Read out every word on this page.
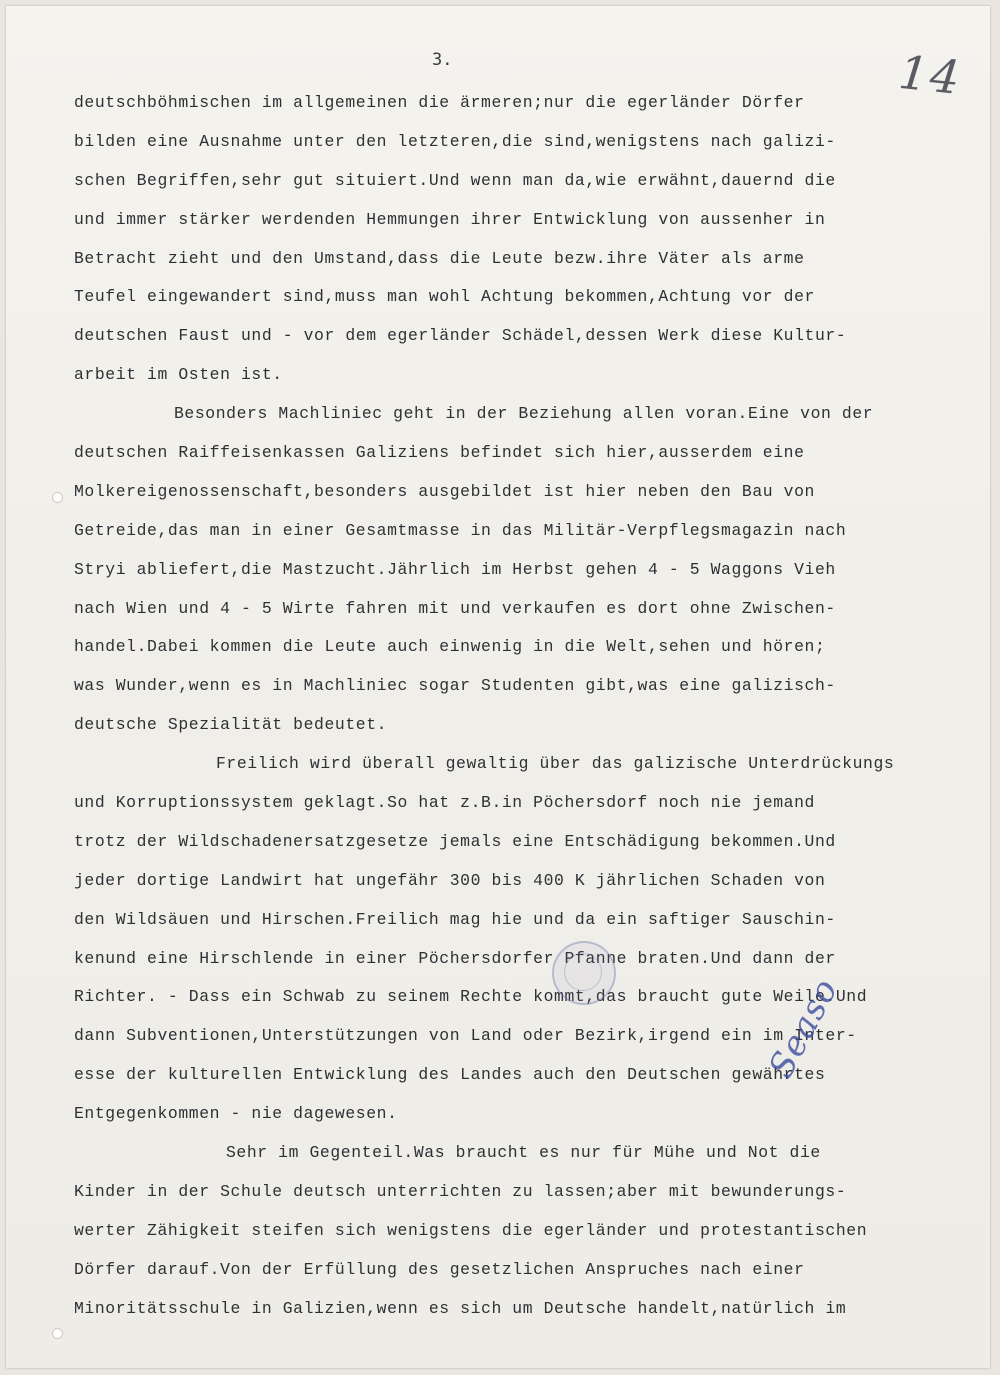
3.	14
deutschböhmischen im allgemeinen die ärmeren;nur die egerländer Dörfer
bilden eine Ausnahme unter den letzteren,die sind,wenigstens nach galizi-
schen Begriffen,sehr gut situiert.Und wenn man da,wie erwähnt,dauernd die
und immer stärker werdenden Hemmungen ihrer Entwicklung von aussenher in
Betracht zieht und den Umstand,dass die Leute bezw.ihre Väter als arme
Teufel eingewandert sind,muss man wohl Achtung bekommen,Achtung vor der
deutschen Faust und - vor dem egerländer Schädel,dessen Werk diese Kultur-
arbeit im Osten ist.
Besonders Machliniec geht in der Beziehung allen voran.Eine von der
deutschen Raiffeisenkassen Galiziens befindet sich hier,ausserdem eine
Molkereigenossenschaft,besonders ausgebildet ist hier neben den Bau von
Getreide,das man in einer Gesamtmasse in das Militär-Verpflegsmagazin nach
Stryi abliefert,die Mastzucht.Jährlich im Herbst gehen 4 - 5 Waggons Vieh
nach Wien und 4 - 5 Wirte fahren mit und verkaufen es dort ohne Zwischen-
handel.Dabei kommen die Leute auch einwenig in die Welt,sehen und hören;
was Wunder,wenn es in Machliniec sogar Studenten gibt,was eine galizisch-
deutsche Spezialität bedeutet.
Freilich wird überall gewaltig über das galizische Unterdrückungs
und Korruptionssystem geklagt.So hat z.B.in Pöchersdorf noch nie jemand
trotz der Wildschadenersatzgesetze jemals eine Entschädigung bekommen.Und
jeder dortige Landwirt hat ungefähr 300 bis 400 K jährlichen Schaden von
den Wildsäuen und Hirschen.Freilich mag hie und da ein saftiger Sauschin-
kenund eine Hirschlende in einer Pöchersdorfer Pfanne braten.Und dann der
Richter. - Dass ein Schwab zu seinem Rechte kommt,das braucht gute Weile.Und
dann Subventionen,Unterstützungen von Land oder Bezirk,irgend ein im Inter-
esse der kulturellen Entwicklung des Landes auch den Deutschen gewährtes
Entgegenkommen - nie dagewesen.
Sehr im Gegenteil.Was braucht es nur für Mühe und Not die
Kinder in der Schule deutsch unterrichten zu lassen;aber mit bewunderungs-
werter Zähigkeit steifen sich wenigstens die egerländer und protestantischen
Dörfer darauf.Von der Erfüllung des gesetzlichen Anspruches nach einer
Minoritätsschule in Galizien,wenn es sich um Deutsche handelt,natürlich im
Seaso
